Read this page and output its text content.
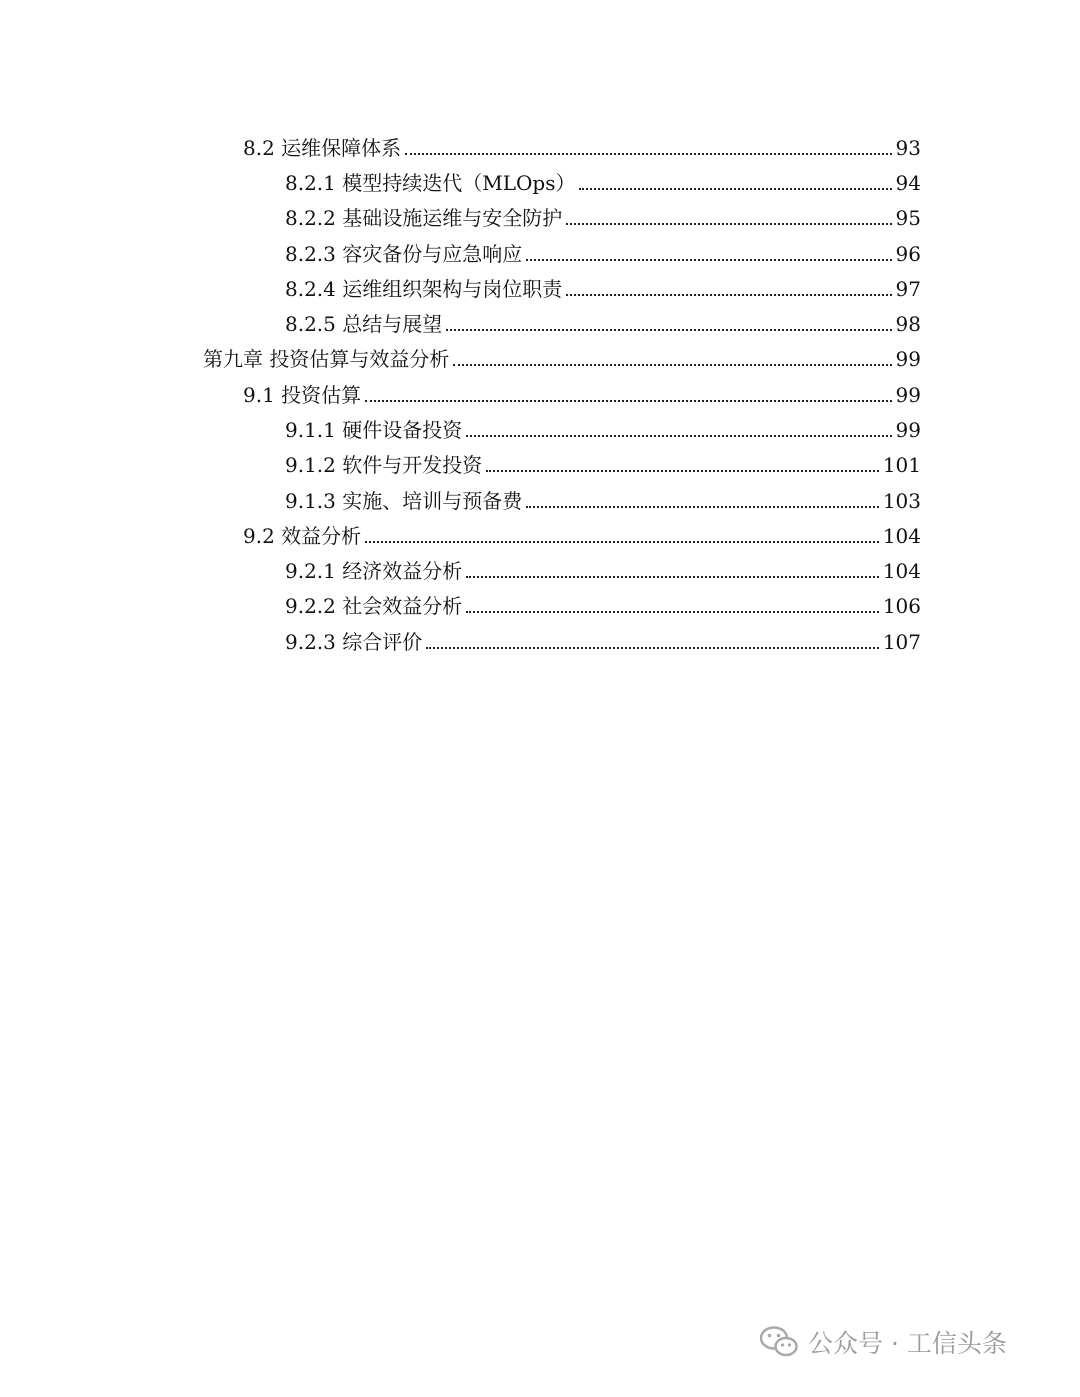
8.2 运维保障体系	93
8.2.1 模型持续迭代（MLOps）	94
8.2.2 基础设施运维与安全防护	95
8.2.3 容灾备份与应急响应	96
8.2.4 运维组织架构与岗位职责	97
8.2.5 总结与展望	98
第九章 投资估算与效益分析	99
9.1 投资估算	99
9.1.1 硬件设备投资	99
9.1.2 软件与开发投资	101
9.1.3 实施、培训与预备费	103
9.2 效益分析	104
9.2.1 经济效益分析	104
9.2.2 社会效益分析	106
9.2.3 综合评价	107
公众号 · 工信头条
